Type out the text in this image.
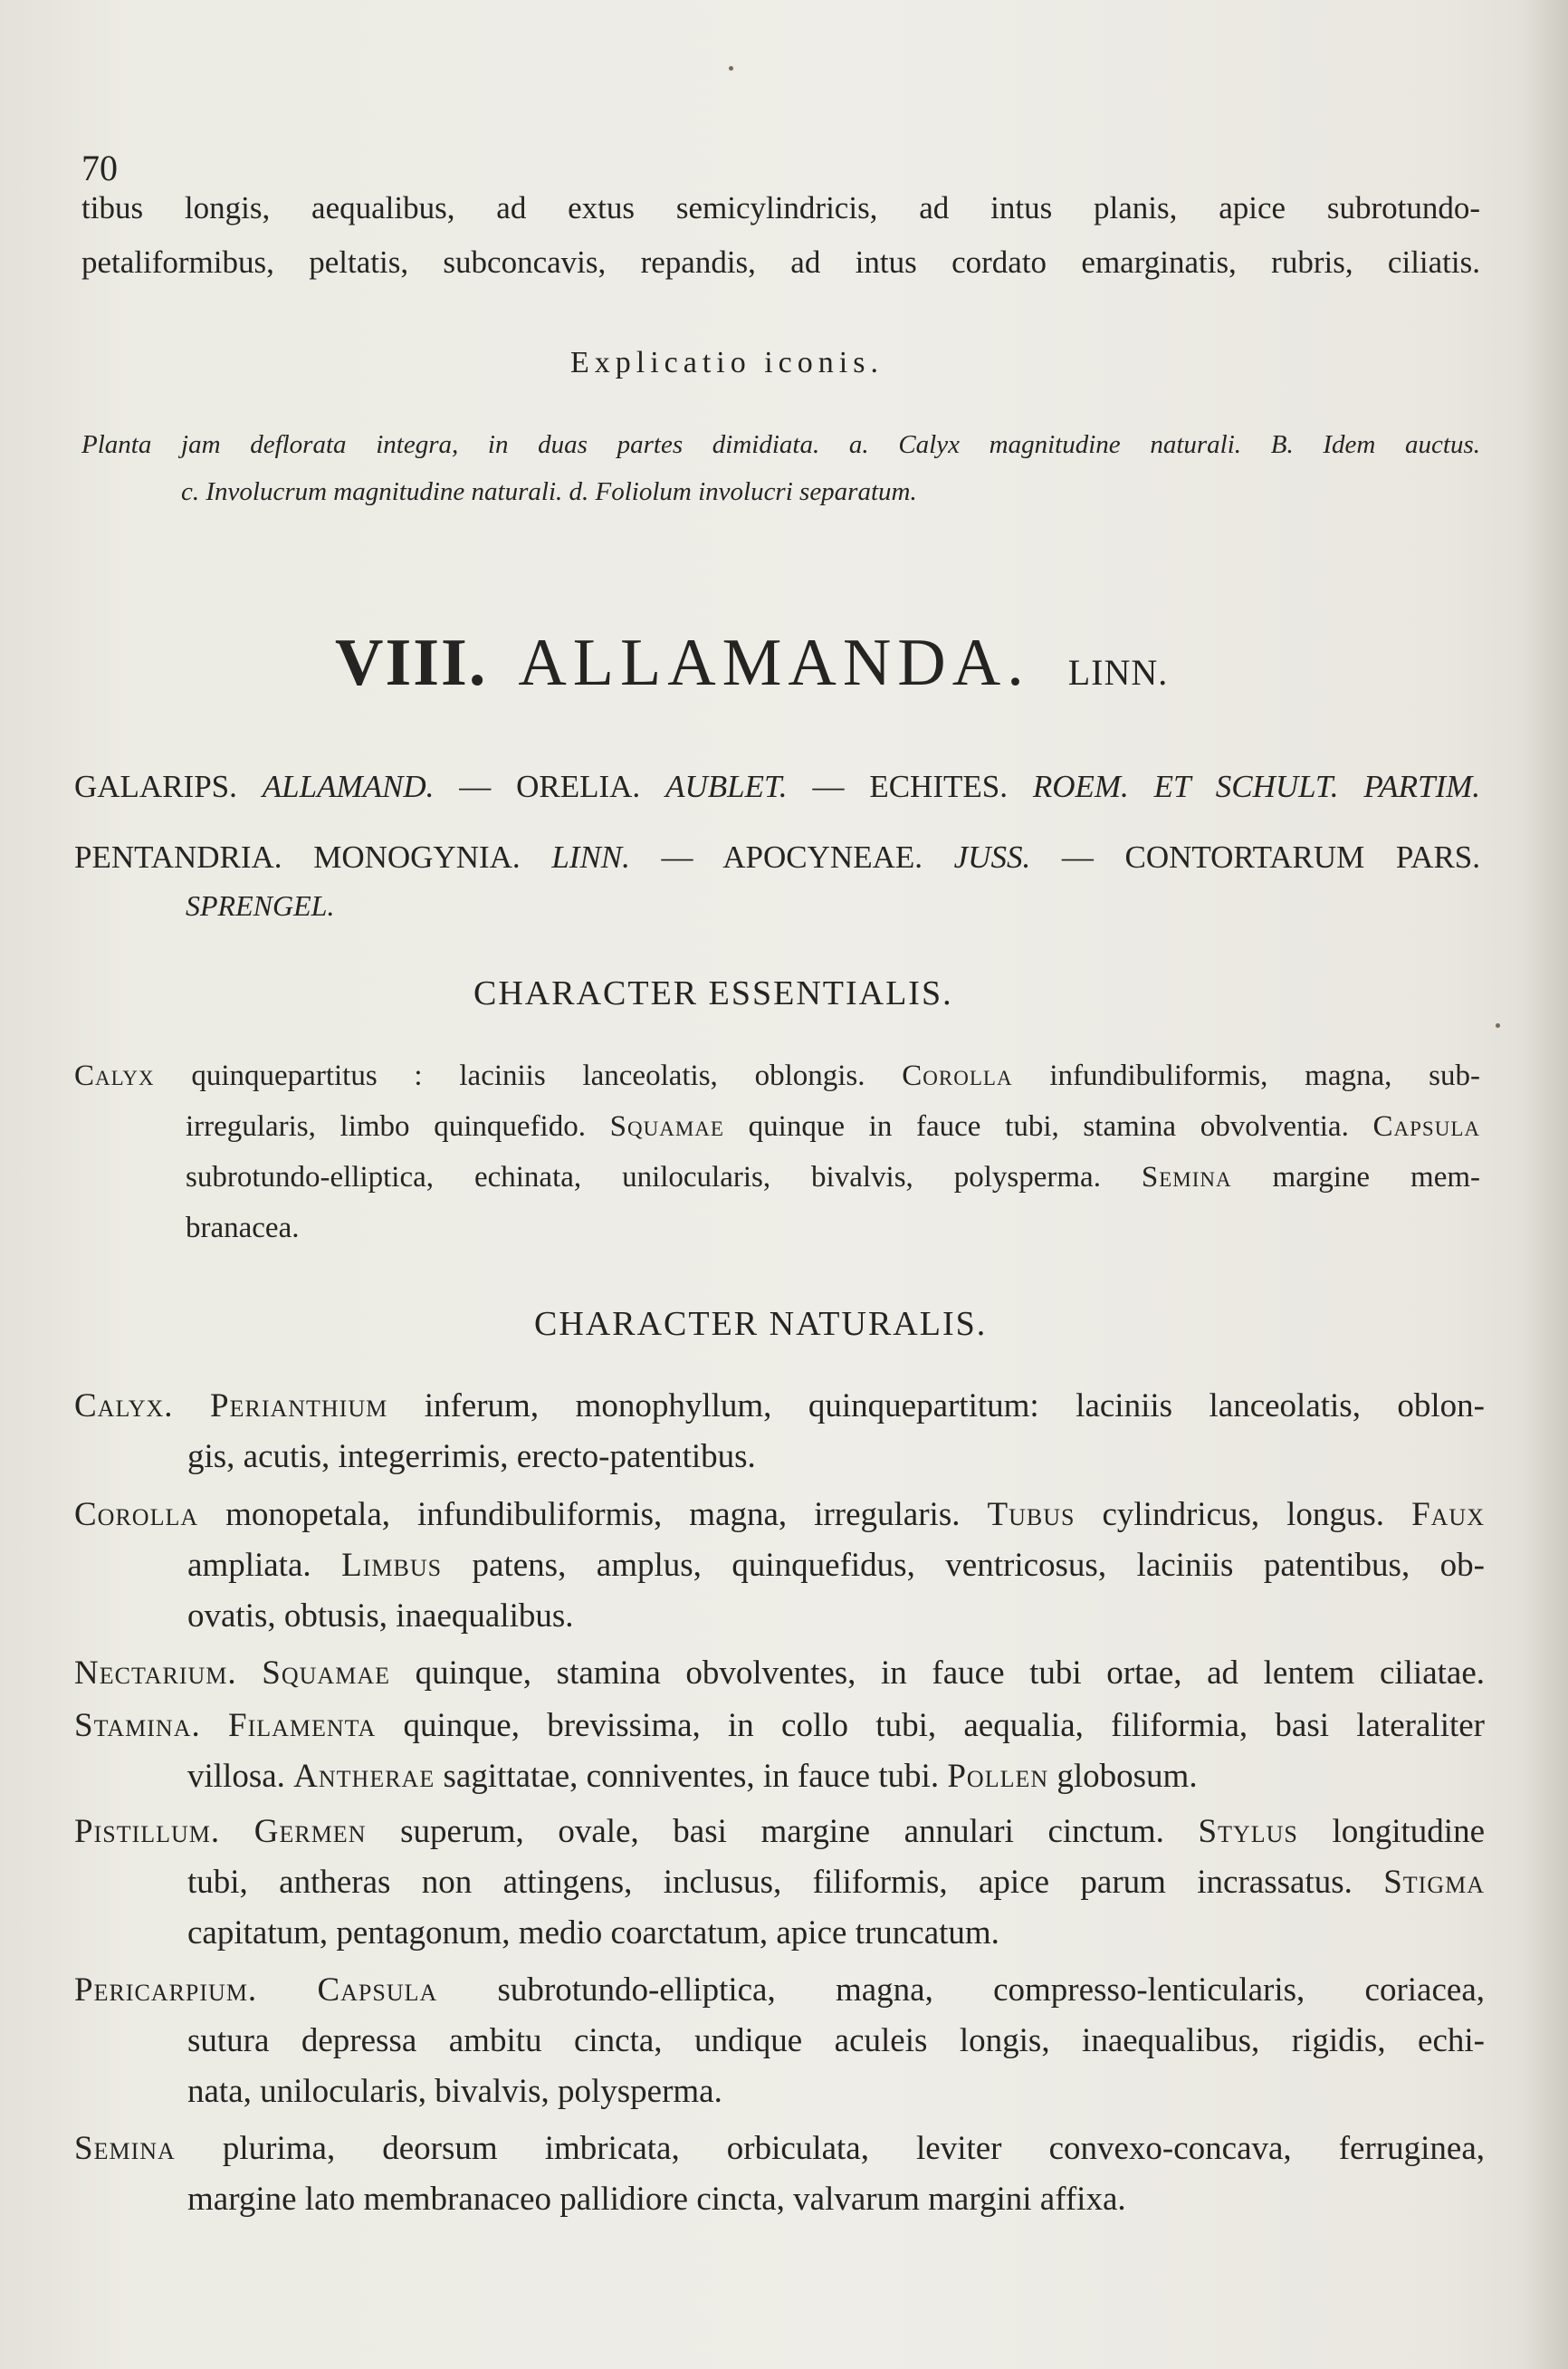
70
tibus longis, aequalibus, ad extus semicylindricis, ad intus planis, apice subrotundo-
petaliformibus, peltatis, subconcavis, repandis, ad intus cordato emarginatis, rubris, ciliatis.
Explicatio iconis.
Planta jam deflorata integra, in duas partes dimidiata. a. Calyx magnitudine naturali. B. Idem auctus.
c. Involucrum magnitudine naturali. d. Foliolum involucri separatum.
VIII. ALLAMANDA. LINN.
GALARIPS. ALLAMAND. — ORELIA. AUBLET. — ECHITES. ROEM. ET SCHULT. PARTIM.
PENTANDRIA. MONOGYNIA. LINN. — APOCYNEAE. JUSS. — CONTORTARUM PARS.
SPRENGEL.
CHARACTER ESSENTIALIS.
Calyx quinquepartitus : laciniis lanceolatis, oblongis. Corolla infundibuliformis, magna, sub-
irregularis, limbo quinquefido. Squamae quinque in fauce tubi, stamina obvolventia. Capsula
subrotundo-elliptica, echinata, unilocularis, bivalvis, polysperma. Semina margine mem-
branacea.
CHARACTER NATURALIS.
Calyx. Perianthium inferum, monophyllum, quinquepartitum: laciniis lanceolatis, oblon-
gis, acutis, integerrimis, erecto-patentibus.
Corolla monopetala, infundibuliformis, magna, irregularis. Tubus cylindricus, longus. Faux
ampliata. Limbus patens, amplus, quinquefidus, ventricosus, laciniis patentibus, ob-
ovatis, obtusis, inaequalibus.
Nectarium. Squamae quinque, stamina obvolventes, in fauce tubi ortae, ad lentem ciliatae.
Stamina. Filamenta quinque, brevissima, in collo tubi, aequalia, filiformia, basi lateraliter
villosa. Antherae sagittatae, conniventes, in fauce tubi. Pollen globosum.
Pistillum. Germen superum, ovale, basi margine annulari cinctum. Stylus longitudine
tubi, antheras non attingens, inclusus, filiformis, apice parum incrassatus. Stigma
capitatum, pentagonum, medio coarctatum, apice truncatum.
Pericarpium. Capsula subrotundo-elliptica, magna, compresso-lenticularis, coriacea,
sutura depressa ambitu cincta, undique aculeis longis, inaequalibus, rigidis, echi-
nata, unilocularis, bivalvis, polysperma.
Semina plurima, deorsum imbricata, orbiculata, leviter convexo-concava, ferruginea,
margine lato membranaceo pallidiore cincta, valvarum margini affixa.
